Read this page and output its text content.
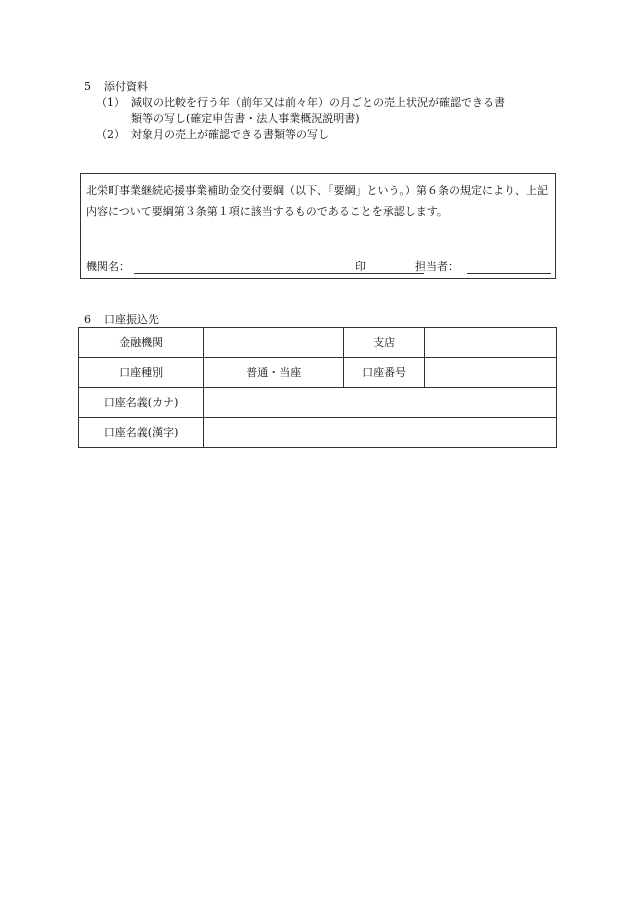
5 添付資料
（1） 減収の比較を行う年（前年又は前々年）の月ごとの売上状況が確認できる書
類等の写し(確定申告書・法人事業概況説明書)
（2） 対象月の売上が確認できる書類等の写し
北栄町事業継続応援事業補助金交付要綱（以下、「要綱」という。）第６条の規定により、上記内容について要綱第３条第１項に該当するものであることを承認します。
機関名：	印	担当者：
6 口座振込先
金融機関		支店	
口座種別	普通・当座	口座番号	
口座名義(カナ)			
口座名義(漢字)			
